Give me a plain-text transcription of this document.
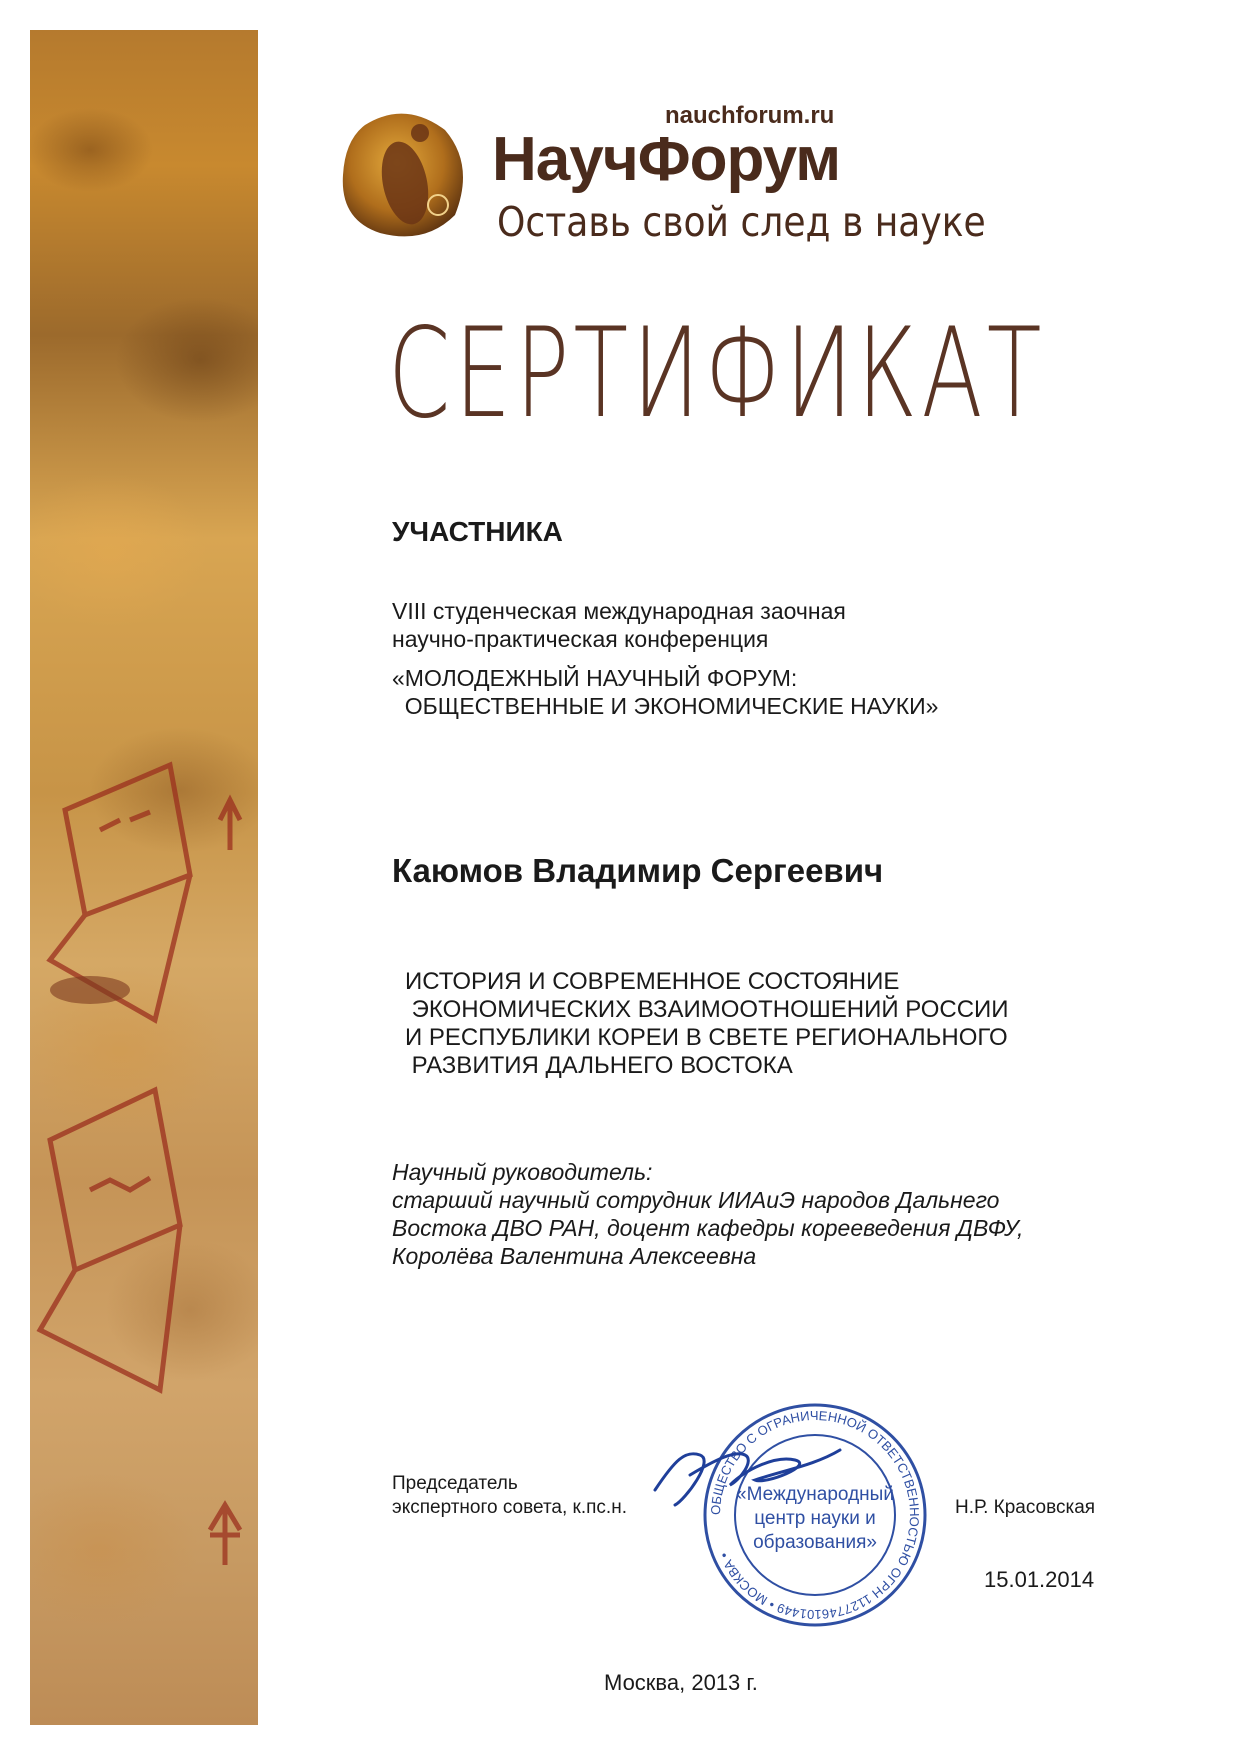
nauchforum.ru
НаучФорум
Оставь свой след в науке
СЕРТИФИКАТ
УЧАСТНИКА
VIII студенческая международная заочная
научно-практическая конференция
«МОЛОДЕЖНЫЙ НАУЧНЫЙ ФОРУМ:
ОБЩЕСТВЕННЫЕ И ЭКОНОМИЧЕСКИЕ НАУКИ»
Каюмов Владимир Сергеевич
ИСТОРИЯ И СОВРЕМЕННОЕ СОСТОЯНИЕ
ЭКОНОМИЧЕСКИХ ВЗАИМООТНОШЕНИЙ РОССИИ
И РЕСПУБЛИКИ КОРЕИ В СВЕТЕ РЕГИОНАЛЬНОГО
РАЗВИТИЯ ДАЛЬНЕГО ВОСТОКА
Научный руководитель:
старший научный сотрудник ИИАиЭ народов Дальнего
Востока ДВО РАН, доцент кафедры корееведения ДВФУ,
Королёва Валентина Алексеевна
Председатель
экспертного совета, к.пс.н.	ОБЩЕСТВО С ОГРАНИЧЕННОЙ ОТВЕТСТВЕННОСТЬЮ ОГРН 1127746101449 • МОСКВА •
«Международный
центр науки и
образования»
Н.Р. Красовская
15.01.2014
Москва, 2013 г.
